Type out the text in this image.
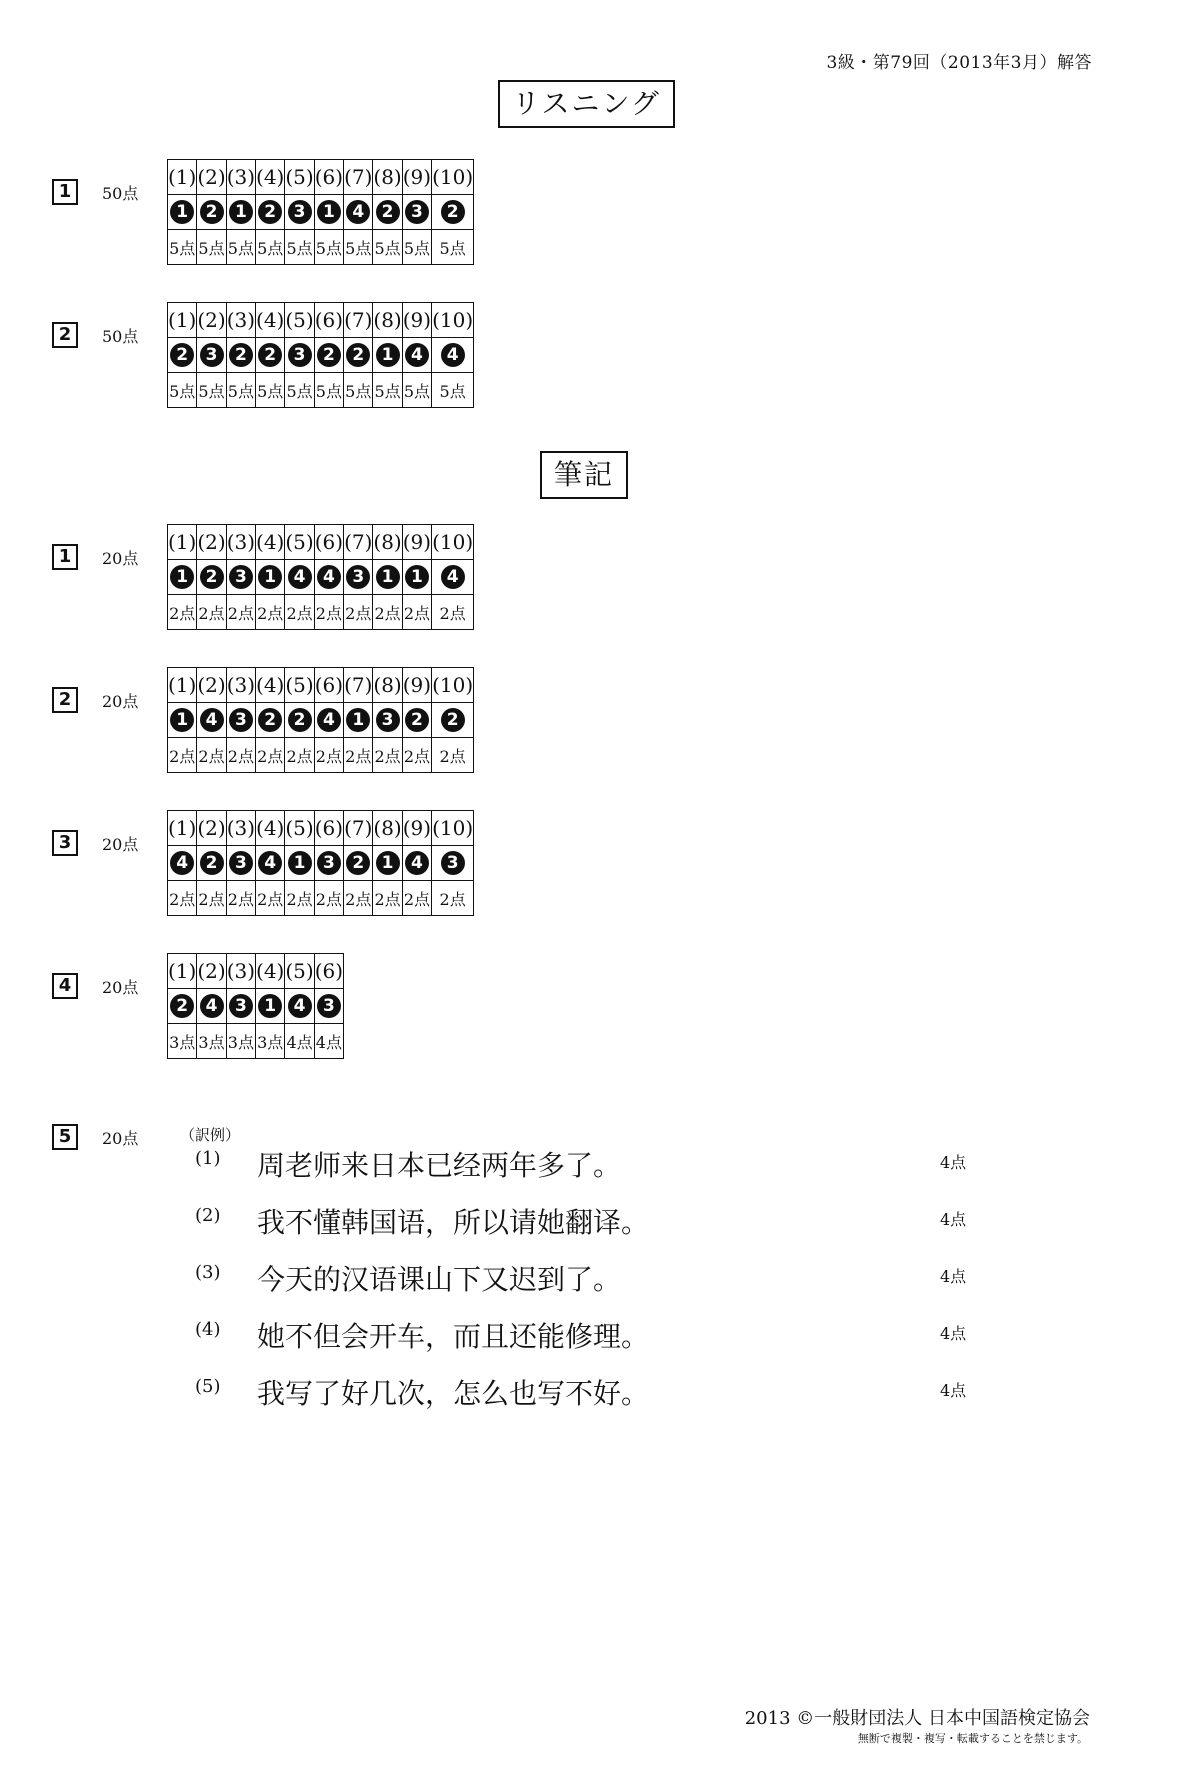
3級・第79回（2013年3月）解答
リスニング
1	50点
(1)	(2)	(3)	(4)	(5)	(6)	(7)	(8)	(9)	(10)
1	2	1	2	3	1	4	2	3	2
5点	5点	5点	5点	5点	5点	5点	5点	5点	5点
2	50点
(1)	(2)	(3)	(4)	(5)	(6)	(7)	(8)	(9)	(10)
2	3	2	2	3	2	2	1	4	4
5点	5点	5点	5点	5点	5点	5点	5点	5点	5点
筆記
1	20点
(1)	(2)	(3)	(4)	(5)	(6)	(7)	(8)	(9)	(10)
1	2	3	1	4	4	3	1	1	4
2点	2点	2点	2点	2点	2点	2点	2点	2点	2点
2	20点
(1)	(2)	(3)	(4)	(5)	(6)	(7)	(8)	(9)	(10)
1	4	3	2	2	4	1	3	2	2
2点	2点	2点	2点	2点	2点	2点	2点	2点	2点
3	20点
(1)	(2)	(3)	(4)	(5)	(6)	(7)	(8)	(9)	(10)
4	2	3	4	1	3	2	1	4	3
2点	2点	2点	2点	2点	2点	2点	2点	2点	2点
4	20点
(1)	(2)	(3)	(4)	(5)	(6)
2	4	3	1	4	3
3点	3点	3点	3点	4点	4点
5	20点	（訳例）
(1) 周老师来日本已经两年多了。	4点
(2) 我不懂韩国语，所以请她翻译。	4点
(3) 今天的汉语课山下又迟到了。	4点
(4) 她不但会开车，而且还能修理。	4点
(5) 我写了好几次，怎么也写不好。	4点
2013 ©一般財団法人 日本中国語検定協会
無断で複製・複写・転載することを禁じます。
